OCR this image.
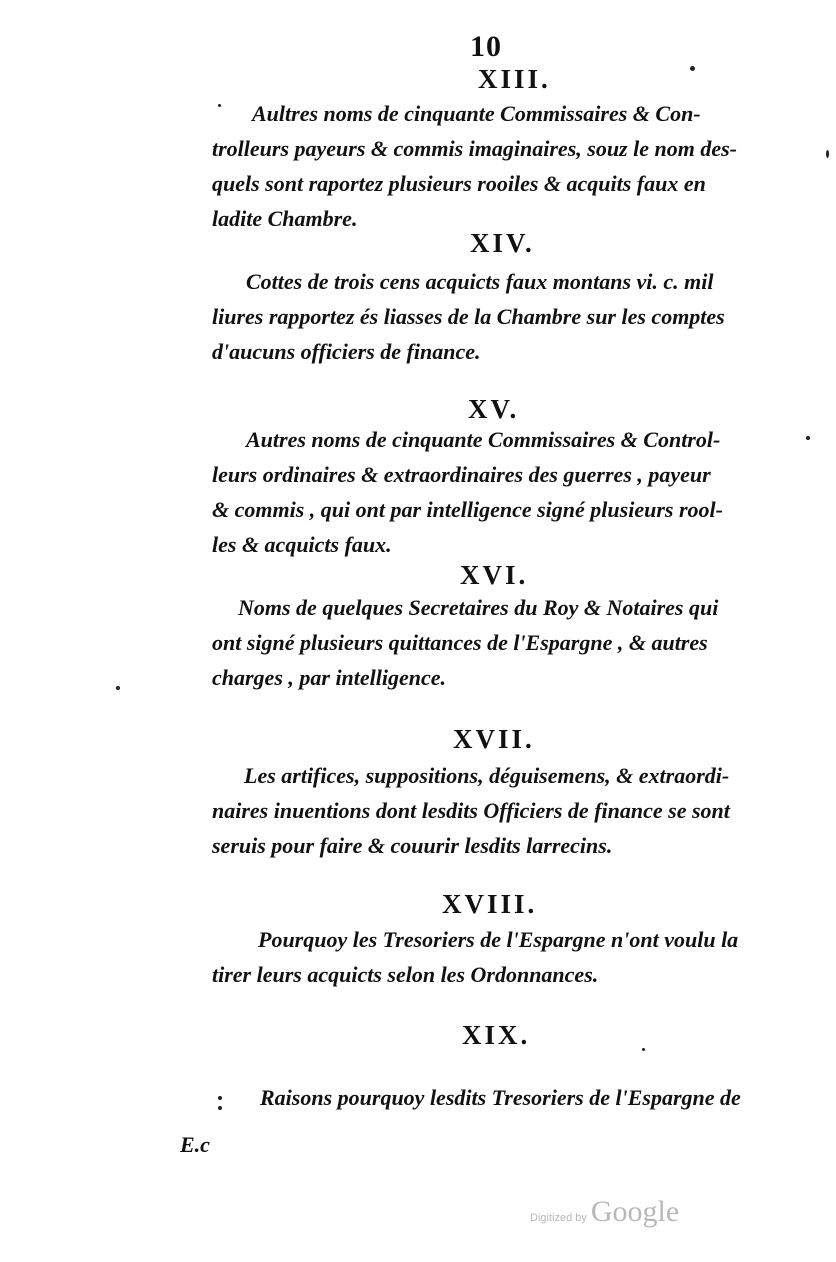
10
XIII.
Aultres noms de cinquante Commissaires & Con-
trolleurs payeurs & commis imaginaires, souz le nom des-
quels sont raportez plusieurs rooiles & acquits faux en
ladite Chambre.
XIV.
Cottes de trois cens acquicts faux montans vi. c. mil
liures rapportez és liasses de la Chambre sur les comptes
d'aucuns officiers de finance.
XV.
Autres noms de cinquante Commissaires & Control-
leurs ordinaires & extraordinaires des guerres , payeur
& commis , qui ont par intelligence signé plusieurs rool-
les & acquicts faux.
XVI.
Noms de quelques Secretaires du Roy & Notaires qui
ont signé plusieurs quittances de l'Espargne , & autres
charges , par intelligence.
XVII.
Les artifices, suppositions, déguisemens, & extraordi-
naires inuentions dont lesdits Officiers de finance se sont
seruis pour faire & couurir lesdits larrecins.
XVIII.
Pourquoy les Tresoriers de l'Espargne n'ont voulu la
tirer leurs acquicts selon les Ordonnances.
XIX.
Raisons pourquoy lesdits Tresoriers de l'Espargne de
E.c
Digitized by Google
